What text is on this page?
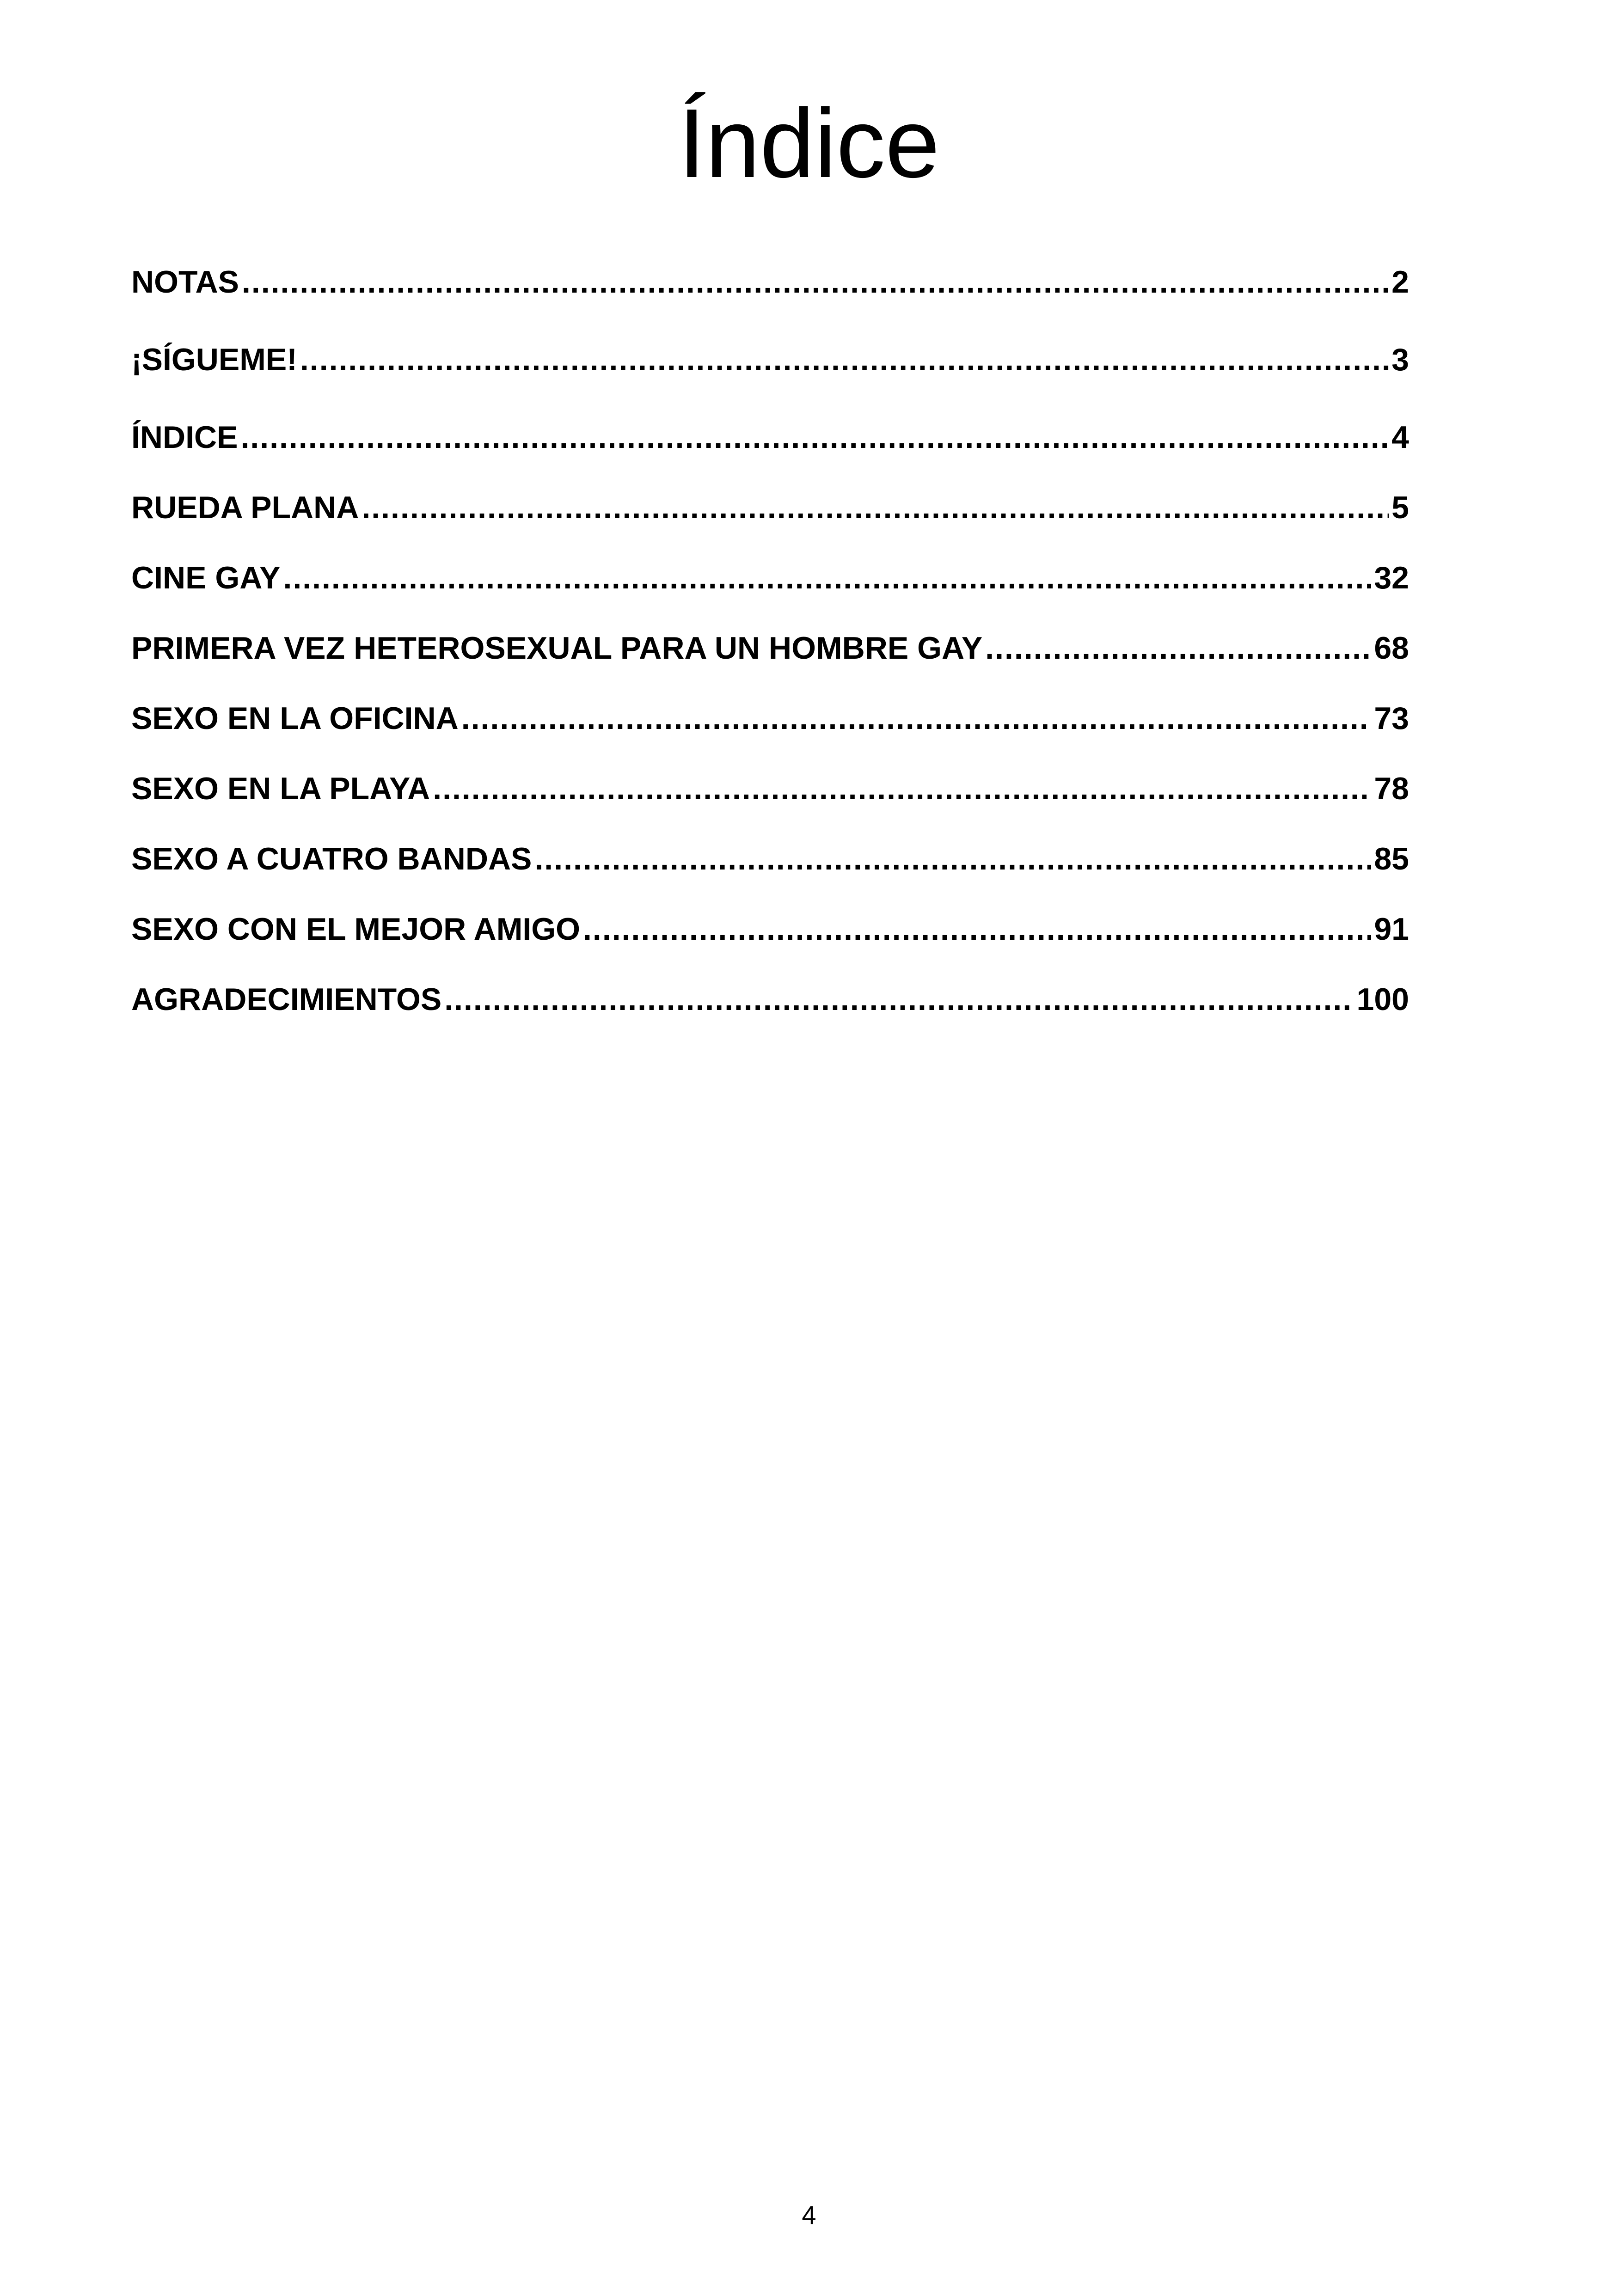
Índice
NOTAS .....	2
¡SÍGUEME! .....	3
ÍNDICE .....	4
RUEDA PLANA .....	5
CINE GAY .....	32
PRIMERA VEZ HETEROSEXUAL PARA UN HOMBRE GAY .....	68
SEXO EN LA OFICINA .....	73
SEXO EN LA PLAYA .....	78
SEXO A CUATRO BANDAS .....	85
SEXO CON EL MEJOR AMIGO .....	91
AGRADECIMIENTOS .....	100
4
